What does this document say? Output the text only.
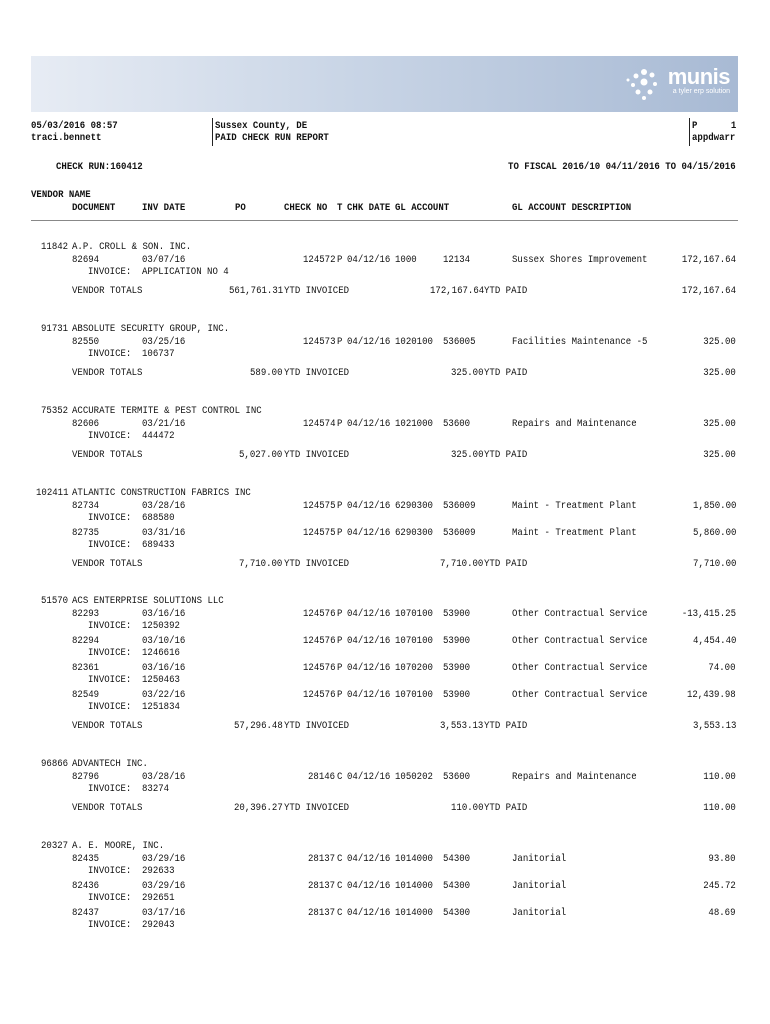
munis
a tyler erp solution
05/03/2016 08:57
traci.bennett
Sussex County, DE
PAID CHECK RUN REPORT
P	1
appdwarr
CHECK RUN:160412	TO FISCAL 2016/10 04/11/2016 TO 04/15/2016
VENDOR NAME
DOCUMENT	INV DATE	PO	CHECK NO T CHK DATE GL ACCOUNT	GL ACCOUNT DESCRIPTION
11842 A.P. CROLL & SON. INC.
82694	03/07/16	124572 P 04/12/16 1000	12134	Sussex Shores Improvement	172,167.64
INVOICE: APPLICATION NO 4
VENDOR TOTALS	561,761.31 YTD INVOICED	172,167.64 YTD PAID	172,167.64
91731 ABSOLUTE SECURITY GROUP, INC.
82550	03/25/16	124573 P 04/12/16 1020100 536005	Facilities Maintenance -5	325.00
INVOICE: 106737
VENDOR TOTALS	589.00 YTD INVOICED	325.00 YTD PAID	325.00
75352 ACCURATE TERMITE & PEST CONTROL INC
82606	03/21/16	124574 P 04/12/16 1021000 53600	Repairs and Maintenance	325.00
INVOICE: 444472
VENDOR TOTALS	5,027.00 YTD INVOICED	325.00 YTD PAID	325.00
102411 ATLANTIC CONSTRUCTION FABRICS INC
82734	03/28/16	124575 P 04/12/16 6290300 536009	Maint - Treatment Plant	1,850.00
INVOICE: 688580
82735	03/31/16	124575 P 04/12/16 6290300 536009	Maint - Treatment Plant	5,860.00
INVOICE: 689433
VENDOR TOTALS	7,710.00 YTD INVOICED	7,710.00 YTD PAID	7,710.00
51570 ACS ENTERPRISE SOLUTIONS LLC
82293	03/16/16	124576 P 04/12/16 1070100 53900	Other Contractual Service	-13,415.25
INVOICE: 1250392
82294	03/10/16	124576 P 04/12/16 1070100 53900	Other Contractual Service	4,454.40
INVOICE: 1246616
82361	03/16/16	124576 P 04/12/16 1070200 53900	Other Contractual Service	74.00
INVOICE: 1250463
82549	03/22/16	124576 P 04/12/16 1070100 53900	Other Contractual Service	12,439.98
INVOICE: 1251834
VENDOR TOTALS	57,296.48 YTD INVOICED	3,553.13 YTD PAID	3,553.13
96866 ADVANTECH INC.
82796	03/28/16	28146 C 04/12/16 1050202 53600	Repairs and Maintenance	110.00
INVOICE: 83274
VENDOR TOTALS	20,396.27 YTD INVOICED	110.00 YTD PAID	110.00
20327 A. E. MOORE, INC.
82435	03/29/16	28137 C 04/12/16 1014000 54300	Janitorial	93.80
INVOICE: 292633
82436	03/29/16	28137 C 04/12/16 1014000 54300	Janitorial	245.72
INVOICE: 292651
82437	03/17/16	28137 C 04/12/16 1014000 54300	Janitorial	48.69
INVOICE: 292043
